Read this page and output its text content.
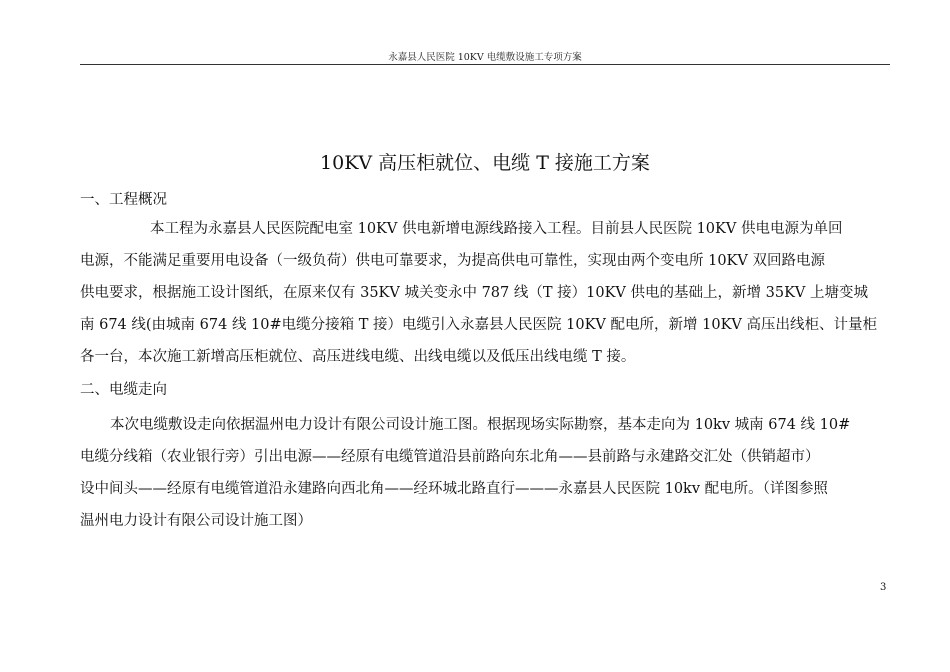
永嘉县人民医院 10KV 电缆敷设施工专项方案
10KV 高压柜就位、电缆 T 接施工方案
一、工程概况
本工程为永嘉县人民医院配电室 10KV 供电新增电源线路接入工程。目前县人民医院 10KV 供电电源为单回
电源，不能满足重要用电设备（一级负荷）供电可靠要求，为提高供电可靠性，实现由两个变电所 10KV 双回路电源
供电要求，根据施工设计图纸，在原来仅有 35KV 城关变永中 787 线（T 接）10KV 供电的基础上，新增 35KV 上塘变城
南 674 线(由城南 674 线 10#电缆分接箱 T 接）电缆引入永嘉县人民医院 10KV 配电所，新增 10KV 高压出线柜、计量柜
各一台，本次施工新增高压柜就位、高压进线电缆、出线电缆以及低压出线电缆 T 接。
二、电缆走向
本次电缆敷设走向依据温州电力设计有限公司设计施工图。根据现场实际勘察，基本走向为 10kv 城南 674 线 10#
电缆分线箱（农业银行旁）引出电源——经原有电缆管道沿县前路向东北角——县前路与永建路交汇处（供销超市）
设中间头——经原有电缆管道沿永建路向西北角——经环城北路直行———永嘉县人民医院 10kv 配电所。（详图参照
温州电力设计有限公司设计施工图）
3
